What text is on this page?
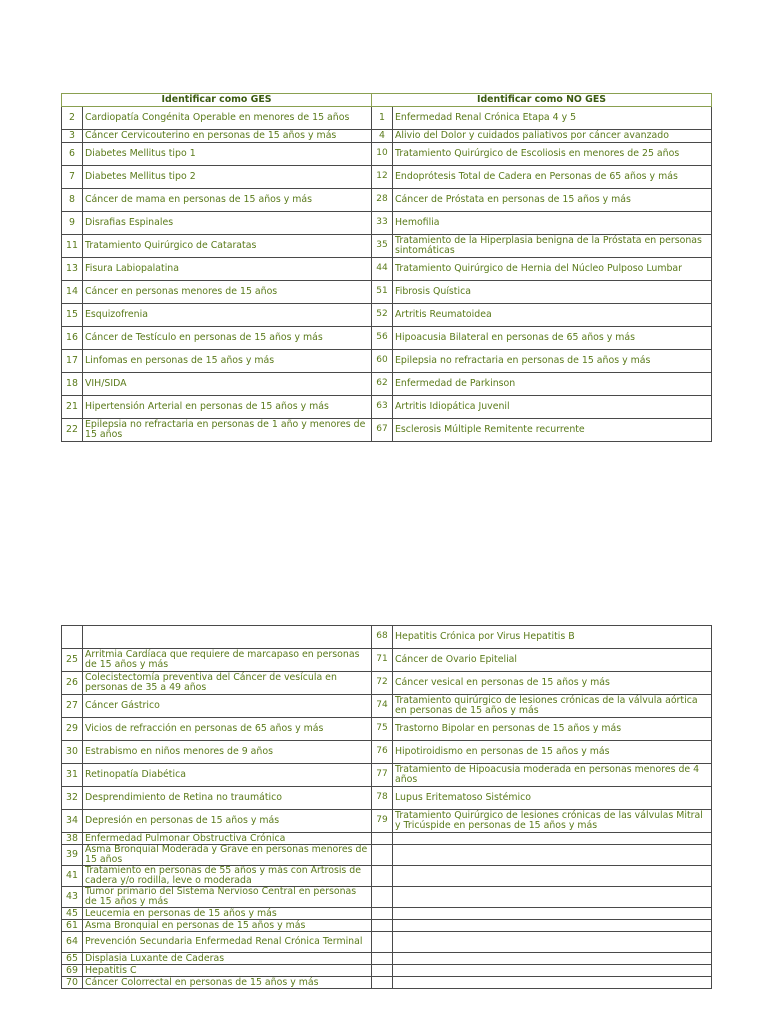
Identificar como GES		Identificar como NO GES	
2	Cardiopatía Congénita Operable en menores de 15 años	1	Enfermedad Renal Crónica Etapa 4 y 5
3	Cáncer Cervicouterino en personas de 15 años y más	4	Alivio del Dolor y cuidados paliativos por cáncer avanzado
6	Diabetes Mellitus tipo 1	10	Tratamiento Quirúrgico de Escoliosis en menores de 25 años
7	Diabetes Mellitus tipo 2	12	Endoprótesis Total de Cadera en Personas de 65 años y más
8	Cáncer de mama en personas de 15 años y más	28	Cáncer de Próstata en personas de 15 años y más
9	Disrafias Espinales	33	Hemofilia
11	Tratamiento Quirúrgico de Cataratas	35	Tratamiento de la Hiperplasia benigna de la Próstata en personas sintomáticas
13	Fisura Labiopalatina	44	Tratamiento Quirúrgico de Hernia del Núcleo Pulposo Lumbar
14	Cáncer en personas menores de 15 años	51	Fibrosis Quística
15	Esquizofrenia	52	Artritis Reumatoidea
16	Cáncer de Testículo en personas de 15 años y más	56	Hipoacusia Bilateral en personas de 65 años y más
17	Linfomas en personas de 15 años y más	60	Epilepsia no refractaria en personas de 15 años y más
18	VIH/SIDA	62	Enfermedad de Parkinson
21	Hipertensión Arterial en personas de 15 años y más	63	Artritis Idiopática Juvenil
22	Epilepsia no refractaria en personas de 1 año y menores de 15 años	67	Esclerosis Múltiple Remitente recurrente
		68	Hepatitis Crónica por Virus Hepatitis B
25	Arritmia Cardíaca que requiere de marcapaso en personas de 15 años y más	71	Cáncer de Ovario Epitelial
26	Colecistectomía preventiva del Cáncer de vesícula en personas de 35 a 49 años	72	Cáncer vesical en personas de 15 años y más
27	Cáncer Gástrico	74	Tratamiento quirúrgico de lesiones crónicas de la válvula aórtica en personas de 15 años y más
29	Vicios de refracción en personas de 65 años y más	75	Trastorno Bipolar en personas de 15 años y más
30	Estrabismo en niños menores de 9 años	76	Hipotiroidismo en personas de 15 años y más
31	Retinopatía Diabética	77	Tratamiento de Hipoacusia moderada en personas menores de 4 años
32	Desprendimiento de Retina no traumático	78	Lupus Eritematoso Sistémico
34	Depresión en personas de 15 años y más	79	Tratamiento Quirúrgico de lesiones crónicas de las válvulas Mitral y Tricúspide en personas de 15 años y más
38	Enfermedad Pulmonar Obstructiva Crónica		
39	Asma Bronquial Moderada y Grave en personas menores de 15 años		
41	Tratamiento en personas de 55 años y más con Artrosis de cadera y/o rodilla, leve o moderada		
43	Tumor primario del Sistema Nervioso Central en personas de 15 años y más		
45	Leucemia en personas de 15 años y más		
61	Asma Bronquial en personas de 15 años y más		
64	Prevención Secundaria Enfermedad Renal Crónica Terminal		
65	Displasia Luxante de Caderas		
69	Hepatitis C		
70	Cáncer Colorrectal en personas de 15 años y más		
